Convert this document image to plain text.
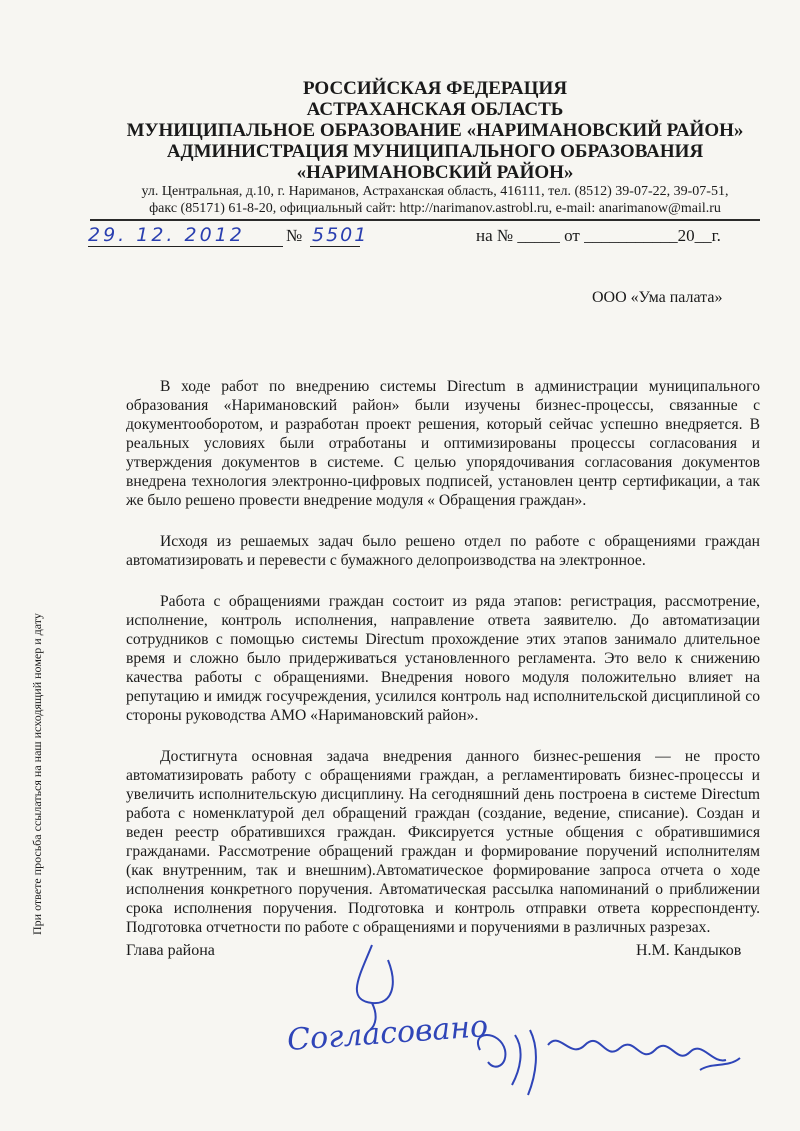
При ответе просьба ссылаться на наш исходящий номер и дату
РОССИЙСКАЯ ФЕДЕРАЦИЯ
АСТРАХАНСКАЯ ОБЛАСТЬ
МУНИЦИПАЛЬНОЕ ОБРАЗОВАНИЕ «НАРИМАНОВСКИЙ РАЙОН»
АДМИНИСТРАЦИЯ МУНИЦИПАЛЬНОГО ОБРАЗОВАНИЯ
«НАРИМАНОВСКИЙ РАЙОН»
ул. Центральная, д.10, г. Нариманов, Астраханская область, 416111, тел. (8512) 39-07-22, 39-07-51,
факс (85171) 61-8-20, официальный сайт: http://narimanov.astrobl.ru, e-mail: anarimanow@mail.ru
29. 12. 2012 № 5501	на № _____ от ___________20__г.
ООО «Ума палата»

В ходе работ по внедрению системы Directum в администрации муниципального образования «Наримановский район» были изучены бизнес-процессы, связанные с документооборотом, и разработан проект решения, который сейчас успешно внедряется. В реальных условиях были отработаны и оптимизированы процессы согласования и утверждения документов в системе. С целью упорядочивания согласования документов внедрена технология электронно-цифровых подписей, установлен центр сертификации, а так же было решено провести внедрение модуля « Обращения граждан».

Исходя из решаемых задач было решено отдел по работе с обращениями граждан автоматизировать и перевести с бумажного делопроизводства на электронное.

Работа с обращениями граждан состоит из ряда этапов: регистрация, рассмотрение, исполнение, контроль исполнения, направление ответа заявителю. До автоматизации сотрудников с помощью системы Directum прохождение этих этапов занимало длительное время и сложно было придерживаться установленного регламента. Это вело к снижению качества работы с обращениями. Внедрения нового модуля положительно влияет на репутацию и имидж госучреждения, усилился контроль над исполнительской дисциплиной со стороны руководства АМО «Наримановский район».

Достигнута основная задача внедрения данного бизнес-решения — не просто автоматизировать работу с обращениями граждан, а регламентировать бизнес-процессы и увеличить исполнительскую дисциплину. На сегодняшний день построена в системе Directum работа с номенклатурой дел обращений граждан (создание, ведение, списание). Создан и веден реестр обратившихся граждан. Фиксируется устные общения с обратившимися гражданами. Рассмотрение обращений граждан и формирование поручений исполнителям (как внутренним, так и внешним).Автоматическое формирование запроса отчета о ходе исполнения конкретного поручения. Автоматическая рассылка напоминаний о приближении срока исполнения поручения. Подготовка и контроль отправки ответа корреспонденту. Подготовка отчетности по работе с обращениями и поручениями в различных разрезах.

Глава района	Н.М. Кандыков
Согласовано
